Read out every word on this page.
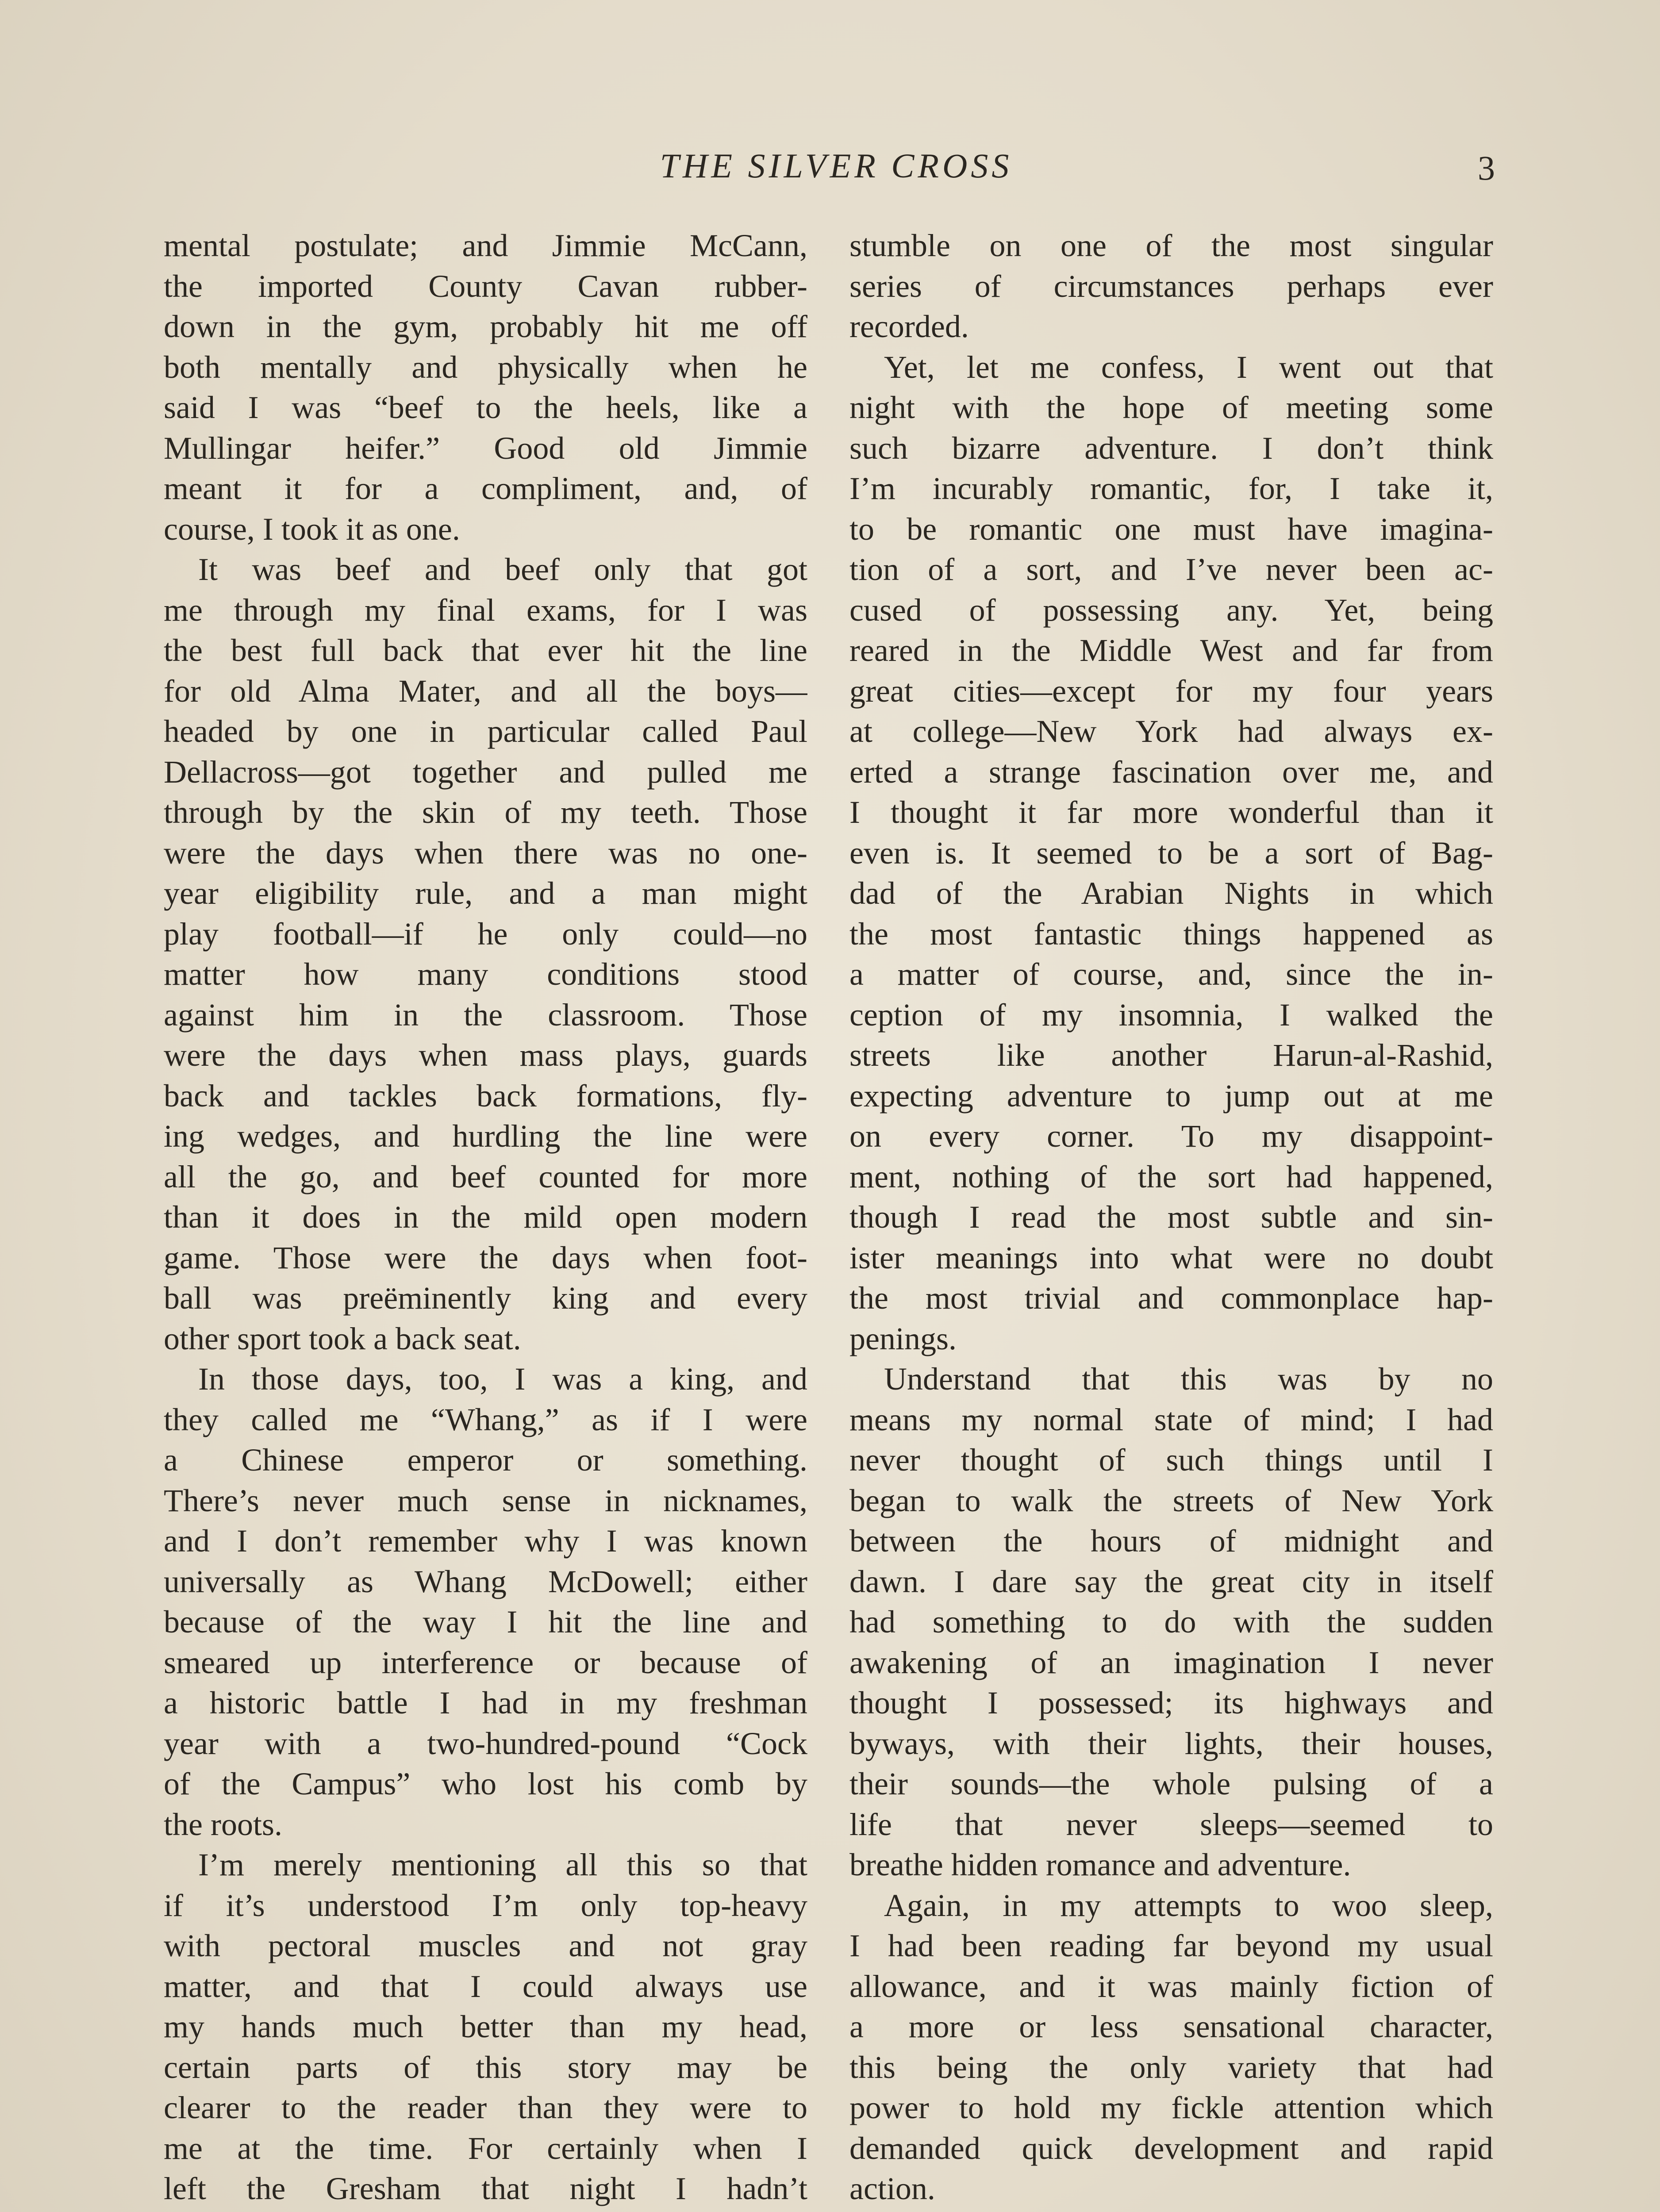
THE SILVER CROSS	3
mental postulate; and Jimmie McCann,
the imported County Cavan rubber-
down in the gym, probably hit me off
both mentally and physically when he
said I was “beef to the heels, like a
Mullingar heifer.” Good old Jimmie
meant it for a compliment, and, of
course, I took it as one.
It was beef and beef only that got
me through my final exams, for I was
the best full back that ever hit the line
for old Alma Mater, and all the boys—
headed by one in particular called Paul
Dellacross—got together and pulled me
through by the skin of my teeth. Those
were the days when there was no one-
year eligibility rule, and a man might
play football—if he only could—no
matter how many conditions stood
against him in the classroom. Those
were the days when mass plays, guards
back and tackles back formations, fly-
ing wedges, and hurdling the line were
all the go, and beef counted for more
than it does in the mild open modern
game. Those were the days when foot-
ball was preëminently king and every
other sport took a back seat.
In those days, too, I was a king, and
they called me “Whang,” as if I were
a Chinese emperor or something.
There’s never much sense in nicknames,
and I don’t remember why I was known
universally as Whang McDowell; either
because of the way I hit the line and
smeared up interference or because of
a historic battle I had in my freshman
year with a two-hundred-pound “Cock
of the Campus” who lost his comb by
the roots.
I’m merely mentioning all this so that
if it’s understood I’m only top-heavy
with pectoral muscles and not gray
matter, and that I could always use
my hands much better than my head,
certain parts of this story may be
clearer to the reader than they were to
me at the time. For certainly when I
left the Gresham that night I hadn’t
stumble on one of the most singular
series of circumstances perhaps ever
recorded.
Yet, let me confess, I went out that
night with the hope of meeting some
such bizarre adventure. I don’t think
I’m incurably romantic, for, I take it,
to be romantic one must have imagina-
tion of a sort, and I’ve never been ac-
cused of possessing any. Yet, being
reared in the Middle West and far from
great cities—except for my four years
at college—New York had always ex-
erted a strange fascination over me, and
I thought it far more wonderful than it
even is. It seemed to be a sort of Bag-
dad of the Arabian Nights in which
the most fantastic things happened as
a matter of course, and, since the in-
ception of my insomnia, I walked the
streets like another Harun-al-Rashid,
expecting adventure to jump out at me
on every corner. To my disappoint-
ment, nothing of the sort had happened,
though I read the most subtle and sin-
ister meanings into what were no doubt
the most trivial and commonplace hap-
penings.
Understand that this was by no
means my normal state of mind; I had
never thought of such things until I
began to walk the streets of New York
between the hours of midnight and
dawn. I dare say the great city in itself
had something to do with the sudden
awakening of an imagination I never
thought I possessed; its highways and
byways, with their lights, their houses,
their sounds—the whole pulsing of a
life that never sleeps—seemed to
breathe hidden romance and adventure.
Again, in my attempts to woo sleep,
I had been reading far beyond my usual
allowance, and it was mainly fiction of
a more or less sensational character,
this being the only variety that had
power to hold my fickle attention which
demanded quick development and rapid
action.
